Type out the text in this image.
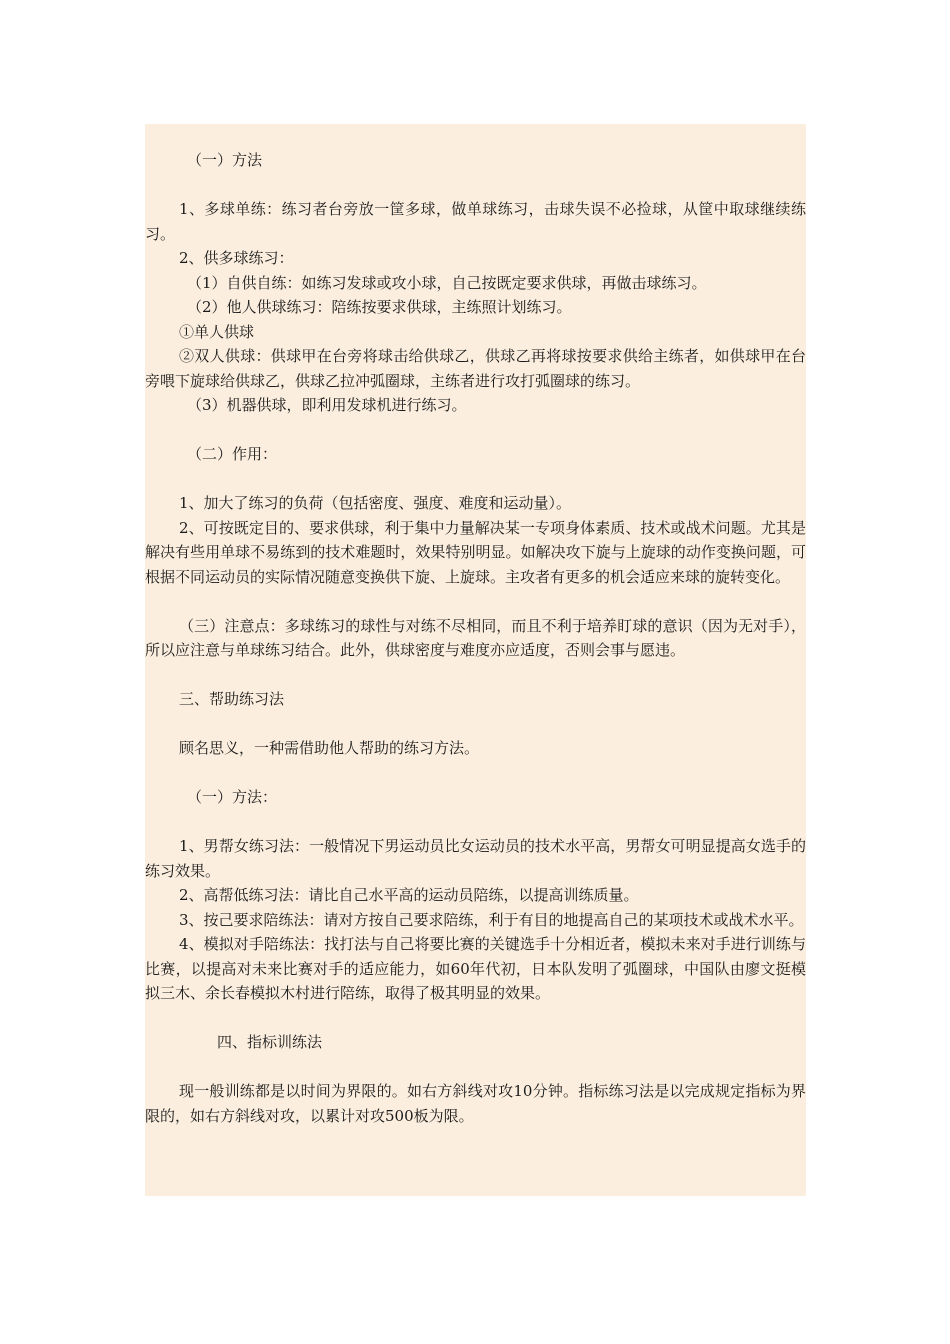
（一）方法

1、多球单练：练习者台旁放一筐多球，做单球练习，击球失误不必捡球，从筐中取球继续练习。

2、供多球练习：

（1）自供自练：如练习发球或攻小球，自己按既定要求供球，再做击球练习。

（2）他人供球练习：陪练按要求供球，主练照计划练习。

①单人供球

②双人供球：供球甲在台旁将球击给供球乙，供球乙再将球按要求供给主练者，如供球甲在台旁喂下旋球给供球乙，供球乙拉冲弧圈球，主练者进行攻打弧圈球的练习。

（3）机器供球，即利用发球机进行练习。

（二）作用：

1、加大了练习的负荷（包括密度、强度、难度和运动量）。

2、可按既定目的、要求供球，利于集中力量解决某一专项身体素质、技术或战术问题。尤其是解决有些用单球不易练到的技术难题时，效果特别明显。如解决攻下旋与上旋球的动作变换问题，可根据不同运动员的实际情况随意变换供下旋、上旋球。主攻者有更多的机会适应来球的旋转变化。

（三）注意点：多球练习的球性与对练不尽相同，而且不利于培养盯球的意识（因为无对手），所以应注意与单球练习结合。此外，供球密度与难度亦应适度，否则会事与愿违。

三、帮助练习法

顾名思义，一种需借助他人帮助的练习方法。

（一）方法：

1、男帮女练习法：一般情况下男运动员比女运动员的技术水平高，男帮女可明显提高女选手的练习效果。

2、高帮低练习法：请比自己水平高的运动员陪练，以提高训练质量。

3、按己要求陪练法：请对方按自己要求陪练，利于有目的地提高自己的某项技术或战术水平。

4、模拟对手陪练法：找打法与自己将要比赛的关键选手十分相近者，模拟未来对手进行训练与比赛，以提高对未来比赛对手的适应能力，如60年代初，日本队发明了弧圈球，中国队由廖文挺模拟三木、余长春模拟木村进行陪练，取得了极其明显的效果。

四、指标训练法

现一般训练都是以时间为界限的。如右方斜线对攻10分钟。指标练习法是以完成规定指标为界限的，如右方斜线对攻，以累计对攻500板为限。
